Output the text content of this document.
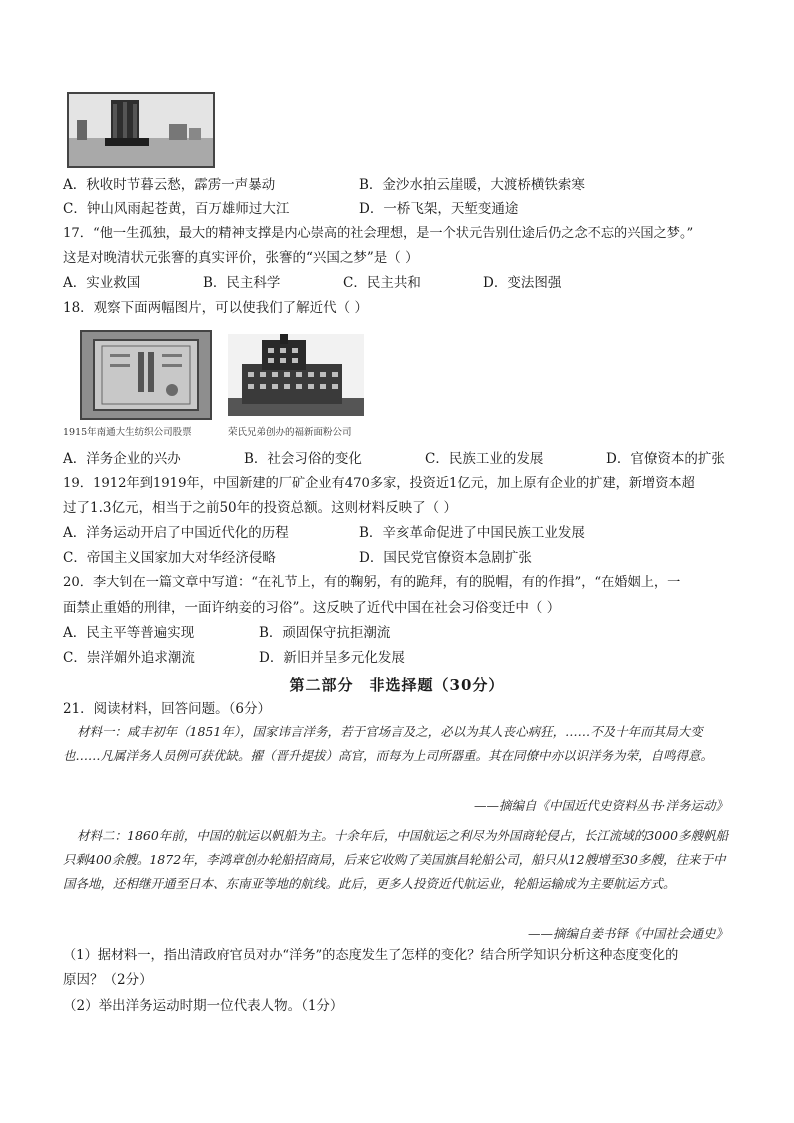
A．秋收时节暮云愁，霹雳一声暴动	B．金沙水拍云崖暖，大渡桥横铁索寒
C．钟山风雨起苍黄，百万雄师过大江	D．一桥飞架，天堑变通途
17．“他一生孤独，最大的精神支撑是内心崇高的社会理想，是一个状元告别仕途后仍之念不忘的兴国之梦。”
这是对晚清状元张謇的真实评价，张謇的“兴国之梦”是（ ）
A．实业救国	B．民主科学	C．民主共和	D．变法图强
18．观察下面两幅图片，可以使我们了解近代（ ）
1915年南通大生纺织公司股票	荣氏兄弟创办的福新面粉公司
A．洋务企业的兴办	B．社会习俗的变化	C．民族工业的发展	D．官僚资本的扩张
19．1912年到1919年，中国新建的厂矿企业有470多家，投资近1亿元，加上原有企业的扩建，新增资本超
过了1.3亿元，相当于之前50年的投资总额。这则材料反映了（ ）
A．洋务运动开启了中国近代化的历程	B．辛亥革命促进了中国民族工业发展
C．帝国主义国家加大对华经济侵略	D．国民党官僚资本急剧扩张
20．李大钊在一篇文章中写道：“在礼节上，有的鞠躬，有的跪拜，有的脱帽，有的作揖”，“在婚姻上，一
面禁止重婚的刑律，一面许纳妾的习俗”。这反映了近代中国在社会习俗变迁中（ ）
A．民主平等普遍实现	B．顽固保守抗拒潮流
C．崇洋媚外追求潮流	D．新旧并呈多元化发展
第二部分　非选择题（30分）
21．阅读材料，回答问题。（6分）
材料一：咸丰初年（1851年），国家讳言洋务，若于官场言及之，必以为其人丧心病狂，……不及十年而其局大变也……凡属洋务人员例可获优缺。擢（晋升提拔）高官，而每为上司所器重。其在同僚中亦以识洋务为荣，自鸣得意。
——摘编自《中国近代史资料丛书·洋务运动》
材料二：1860年前，中国的航运以帆船为主。十余年后，中国航运之利尽为外国商轮侵占，长江流域的3000多艘帆船只剩400余艘。1872年，李鸿章创办轮船招商局，后来它收购了美国旗昌轮船公司，船只从12艘增至30多艘，往来于中国各地，还相继开通至日本、东南亚等地的航线。此后，更多人投资近代航运业，轮船运输成为主要航运方式。
——摘编自姜书铎《中国社会通史》
（1）据材料一，指出清政府官员对办“洋务”的态度发生了怎样的变化？结合所学知识分析这种态度变化的
原因？（2分）
（2）举出洋务运动时期一位代表人物。（1分）
